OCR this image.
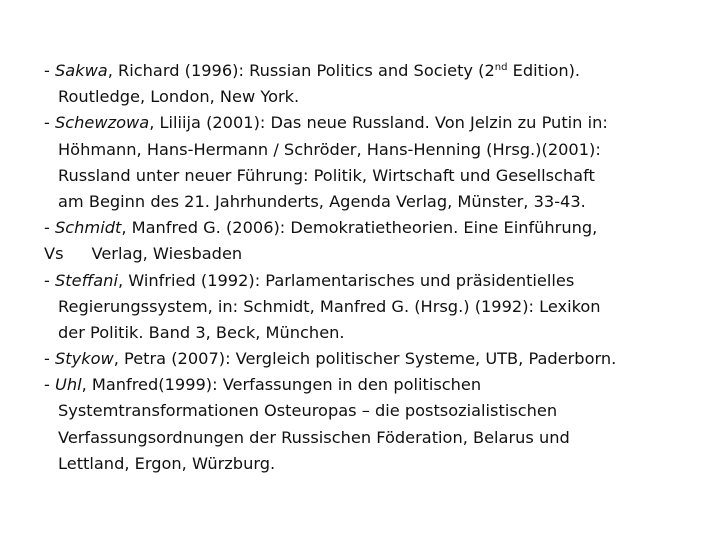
- Sakwa, Richard (1996): Russian Politics and Society (2nd Edition).
Routledge, London, New York.
- Schewzowa, Liliija (2001): Das neue Russland. Von Jelzin zu Putin in:
Höhmann, Hans-Hermann / Schröder, Hans-Henning (Hrsg.)(2001):
Russland unter neuer Führung: Politik, Wirtschaft und Gesellschaft
am Beginn des 21. Jahrhunderts, Agenda Verlag, Münster, 33-43.
- Schmidt, Manfred G. (2006): Demokratietheorien. Eine Einführung,
Vs Verlag, Wiesbaden
- Steffani, Winfried (1992): Parlamentarisches und präsidentielles
Regierungssystem, in: Schmidt, Manfred G. (Hrsg.) (1992): Lexikon
der Politik. Band 3, Beck, München.
- Stykow, Petra (2007): Vergleich politischer Systeme, UTB, Paderborn.
- Uhl, Manfred(1999): Verfassungen in den politischen
Systemtransformationen Osteuropas – die postsozialistischen
Verfassungsordnungen der Russischen Föderation, Belarus und
Lettland, Ergon, Würzburg.
